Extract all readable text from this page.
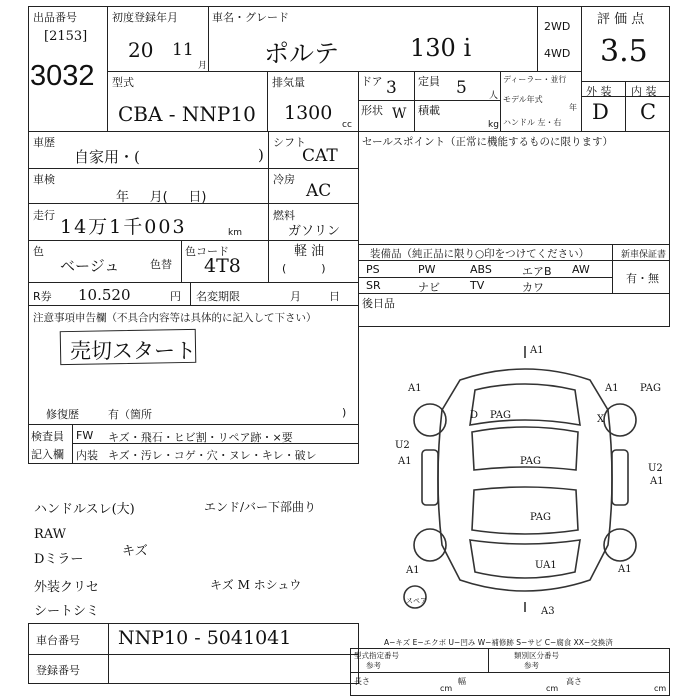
出品番号
[2153]
3032
初度登録年月
20 11
月
車名・グレード
ポルテ	130 i
2WD
4WD
評 価 点
3.5
型式
CBA - NNP10
排気量
1300
cc
ドア 3 定員 5 人
形状 W 積載
kg
ディーラー・並行
モデル年式
年
ハンドル 左・右
外 装 内 装
D C
車歴
自家用・(	)
シフト
CAT
車検
年     月(     日)
冷房
AC
走行
14万1千003	km
燃料
ガソリン
軽 油
(          )
色
ベージュ	色替
色コード
4T8
R券 10.520	円 名変期限	月        日
セールスポイント（正常に機能するものに限ります）
装備品（純正品に限り○印をつけてください）	新車保証書
有・無
PS	PW	ABS	エアB AW
SR	ナビ	TV	カワ
後日品
注意事項申告欄（不具合内容等は具体的に記入して下さい）
売切スタート
修復歴	有（箇所	)
検査員
記入欄
FW キズ・飛石・ヒビ割・リペア跡・×要
内装 キズ・汚レ・コゲ・穴・ヌレ・キレ・破レ
ハンドルスレ(大)	エンド/バー下部曲り
RAW
Dミラー
キズ
外装クリセ	キズ M ホシュウ
シートシミ
A1
A1	A1
PAG
PAG
PAG
PAG
U2
A1
U2
A1
A1	A1
UA1
A3
D	X
スペア
車台番号 NNP10 - 5041041
登録番号
A−キズ E−エクボ U−凹み W−補修跡 S−サビ C−腐食 XX−交換済
型式指定番号
参考
類別区分番号
参考
長さ	幅	高さ
cm	cm	cm
